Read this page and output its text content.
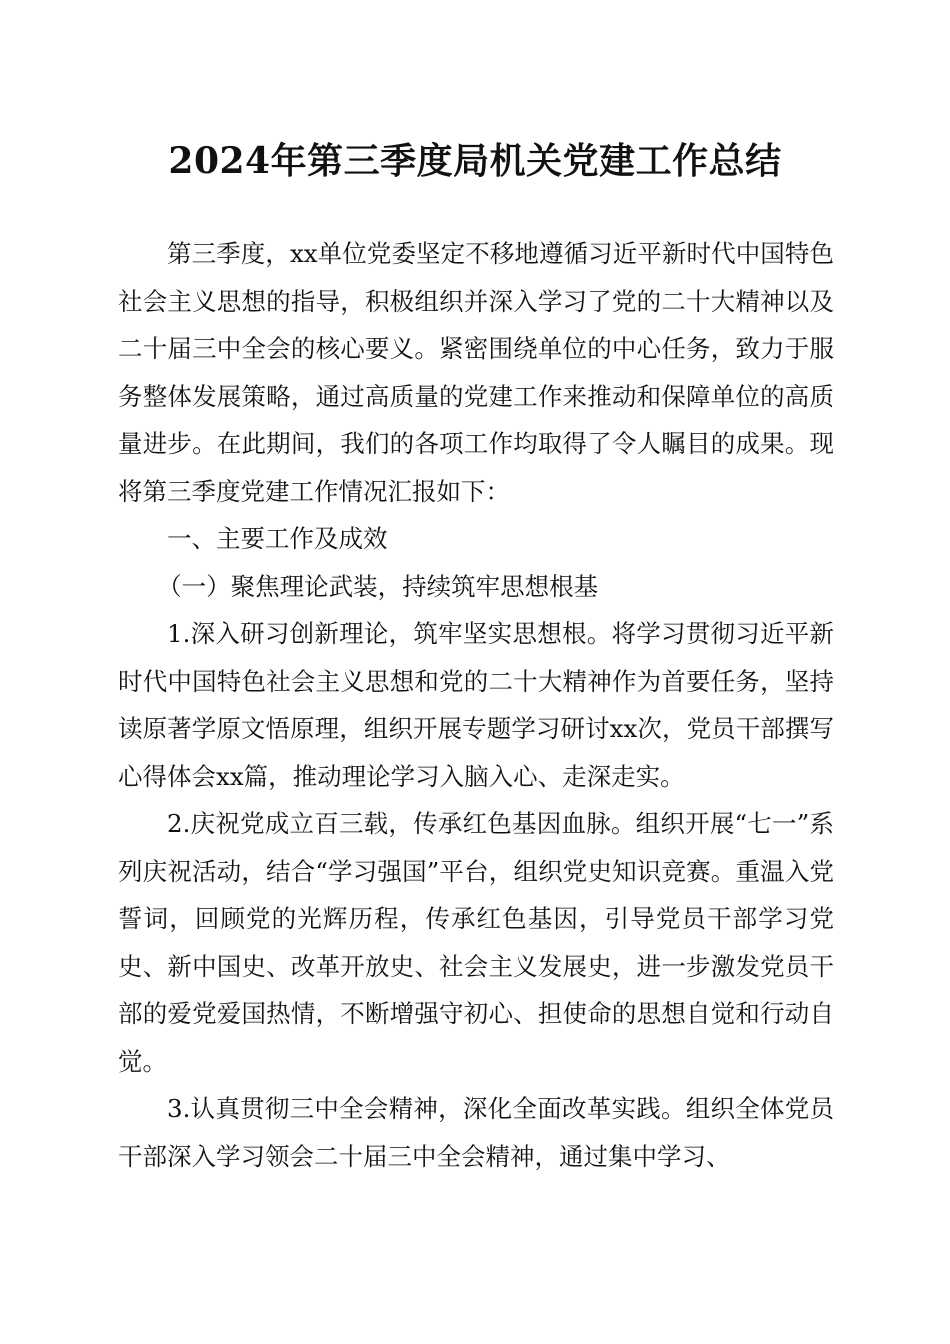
2024年第三季度局机关党建工作总结

第三季度，xx单位党委坚定不移地遵循习近平新时代中国特色社会主义思想的指导，积极组织并深入学习了党的二十大精神以及二十届三中全会的核心要义。紧密围绕单位的中心任务，致力于服务整体发展策略，通过高质量的党建工作来推动和保障单位的高质量进步。在此期间，我们的各项工作均取得了令人瞩目的成果。现将第三季度党建工作情况汇报如下：

一、主要工作及成效

（一）聚焦理论武装，持续筑牢思想根基

1.深入研习创新理论，筑牢坚实思想根。将学习贯彻习近平新时代中国特色社会主义思想和党的二十大精神作为首要任务，坚持读原著学原文悟原理，组织开展专题学习研讨xx次，党员干部撰写心得体会xx篇，推动理论学习入脑入心、走深走实。

2.庆祝党成立百三载，传承红色基因血脉。组织开展“七一”系列庆祝活动，结合“学习强国”平台，组织党史知识竞赛。重温入党誓词，回顾党的光辉历程，传承红色基因，引导党员干部学习党史、新中国史、改革开放史、社会主义发展史，进一步激发党员干部的爱党爱国热情，不断增强守初心、担使命的思想自觉和行动自觉。

3.认真贯彻三中全会精神，深化全面改革实践。组织全体党员干部深入学习领会二十届三中全会精神，通过集中学习、
